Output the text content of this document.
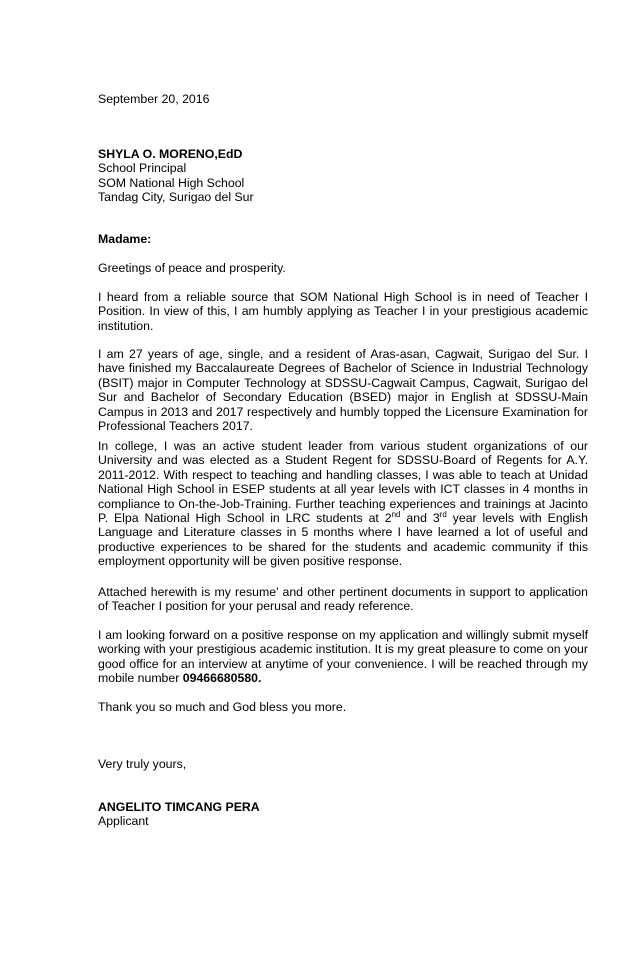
September 20, 2016

SHYLA O. MORENO,EdD
School Principal
SOM National High School
Tandag City, Surigao del Sur

Madame:

Greetings of peace and prosperity.

I heard from a reliable source that SOM National High School is in need of Teacher I Position. In view of this, I am humbly applying as Teacher I in your prestigious academic institution.

I am 27 years of age, single, and a resident of Aras-asan, Cagwait, Surigao del Sur. I have finished my Baccalaureate Degrees of Bachelor of Science in Industrial Technology (BSIT) major in Computer Technology at SDSSU-Cagwait Campus, Cagwait, Surigao del Sur and Bachelor of Secondary Education (BSED) major in English at SDSSU-Main Campus in 2013 and 2017 respectively and humbly topped the Licensure Examination for Professional Teachers 2017.

In college, I was an active student leader from various student organizations of our University and was elected as a Student Regent for SDSSU-Board of Regents for A.Y. 2011-2012. With respect to teaching and handling classes, I was able to teach at Unidad National High School in ESEP students at all year levels with ICT classes in 4 months in compliance to On-the-Job-Training. Further teaching experiences and trainings at Jacinto P. Elpa National High School in LRC students at 2nd and 3rd year levels with English Language and Literature classes in 5 months where I have learned a lot of useful and productive experiences to be shared for the students and academic community if this employment opportunity will be given positive response.

Attached herewith is my resume’ and other pertinent documents in support to application of Teacher I position for your perusal and ready reference.

I am looking forward on a positive response on my application and willingly submit myself working with your prestigious academic institution. It is my great pleasure to come on your good office for an interview at anytime of your convenience. I will be reached through my mobile number 09466680580.

Thank you so much and God bless you more.

Very truly yours,

ANGELITO TIMCANG PERA
Applicant
